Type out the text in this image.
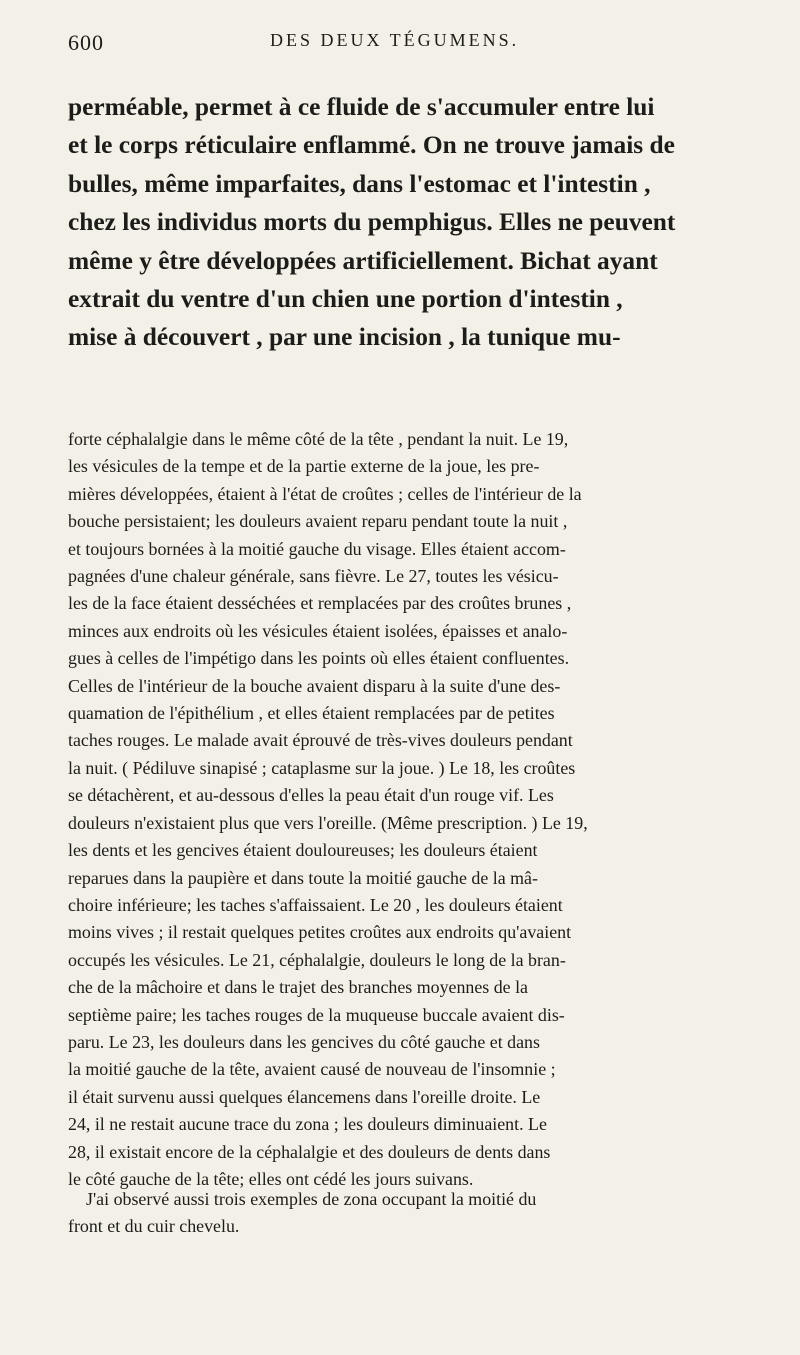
600	DES DEUX TÉGUMENS.

perméable, permet à ce fluide de s'accumuler entre lui
et le corps réticulaire enflammé. On ne trouve jamais de
bulles, même imparfaites, dans l'estomac et l'intestin ,
chez les individus morts du pemphigus. Elles ne peuvent
même y être développées artificiellement. Bichat ayant
extrait du ventre d'un chien une portion d'intestin ,
mise à découvert , par une incision , la tunique mu-

forte céphalalgie dans le même côté de la tête , pendant la nuit. Le 19,
les vésicules de la tempe et de la partie externe de la joue, les pre-
mières développées, étaient à l'état de croûtes ; celles de l'intérieur de la
bouche persistaient; les douleurs avaient reparu pendant toute la nuit ,
et toujours bornées à la moitié gauche du visage. Elles étaient accom-
pagnées d'une chaleur générale, sans fièvre. Le 27, toutes les vésicu-
les de la face étaient desséchées et remplacées par des croûtes brunes ,
minces aux endroits où les vésicules étaient isolées, épaisses et analo-
gues à celles de l'impétigo dans les points où elles étaient confluentes.
Celles de l'intérieur de la bouche avaient disparu à la suite d'une des-
quamation de l'épithélium , et elles étaient remplacées par de petites
taches rouges. Le malade avait éprouvé de très-vives douleurs pendant
la nuit. ( Pédiluve sinapisé ; cataplasme sur la joue. ) Le 18, les croûtes
se détachèrent, et au-dessous d'elles la peau était d'un rouge vif. Les
douleurs n'existaient plus que vers l'oreille. (Même prescription. ) Le 19,
les dents et les gencives étaient douloureuses; les douleurs étaient
reparues dans la paupière et dans toute la moitié gauche de la mâ-
choire inférieure; les taches s'affaissaient. Le 20 , les douleurs étaient
moins vives ; il restait quelques petites croûtes aux endroits qu'avaient
occupés les vésicules. Le 21, céphalalgie, douleurs le long de la bran-
che de la mâchoire et dans le trajet des branches moyennes de la
septième paire; les taches rouges de la muqueuse buccale avaient dis-
paru. Le 23, les douleurs dans les gencives du côté gauche et dans
la moitié gauche de la tête, avaient causé de nouveau de l'insomnie ;
il était survenu aussi quelques élancemens dans l'oreille droite. Le
24, il ne restait aucune trace du zona ; les douleurs diminuaient. Le
28, il existait encore de la céphalalgie et des douleurs de dents dans
le côté gauche de la tête; elles ont cédé les jours suivans.

J'ai observé aussi trois exemples de zona occupant la moitié du
front et du cuir chevelu.
